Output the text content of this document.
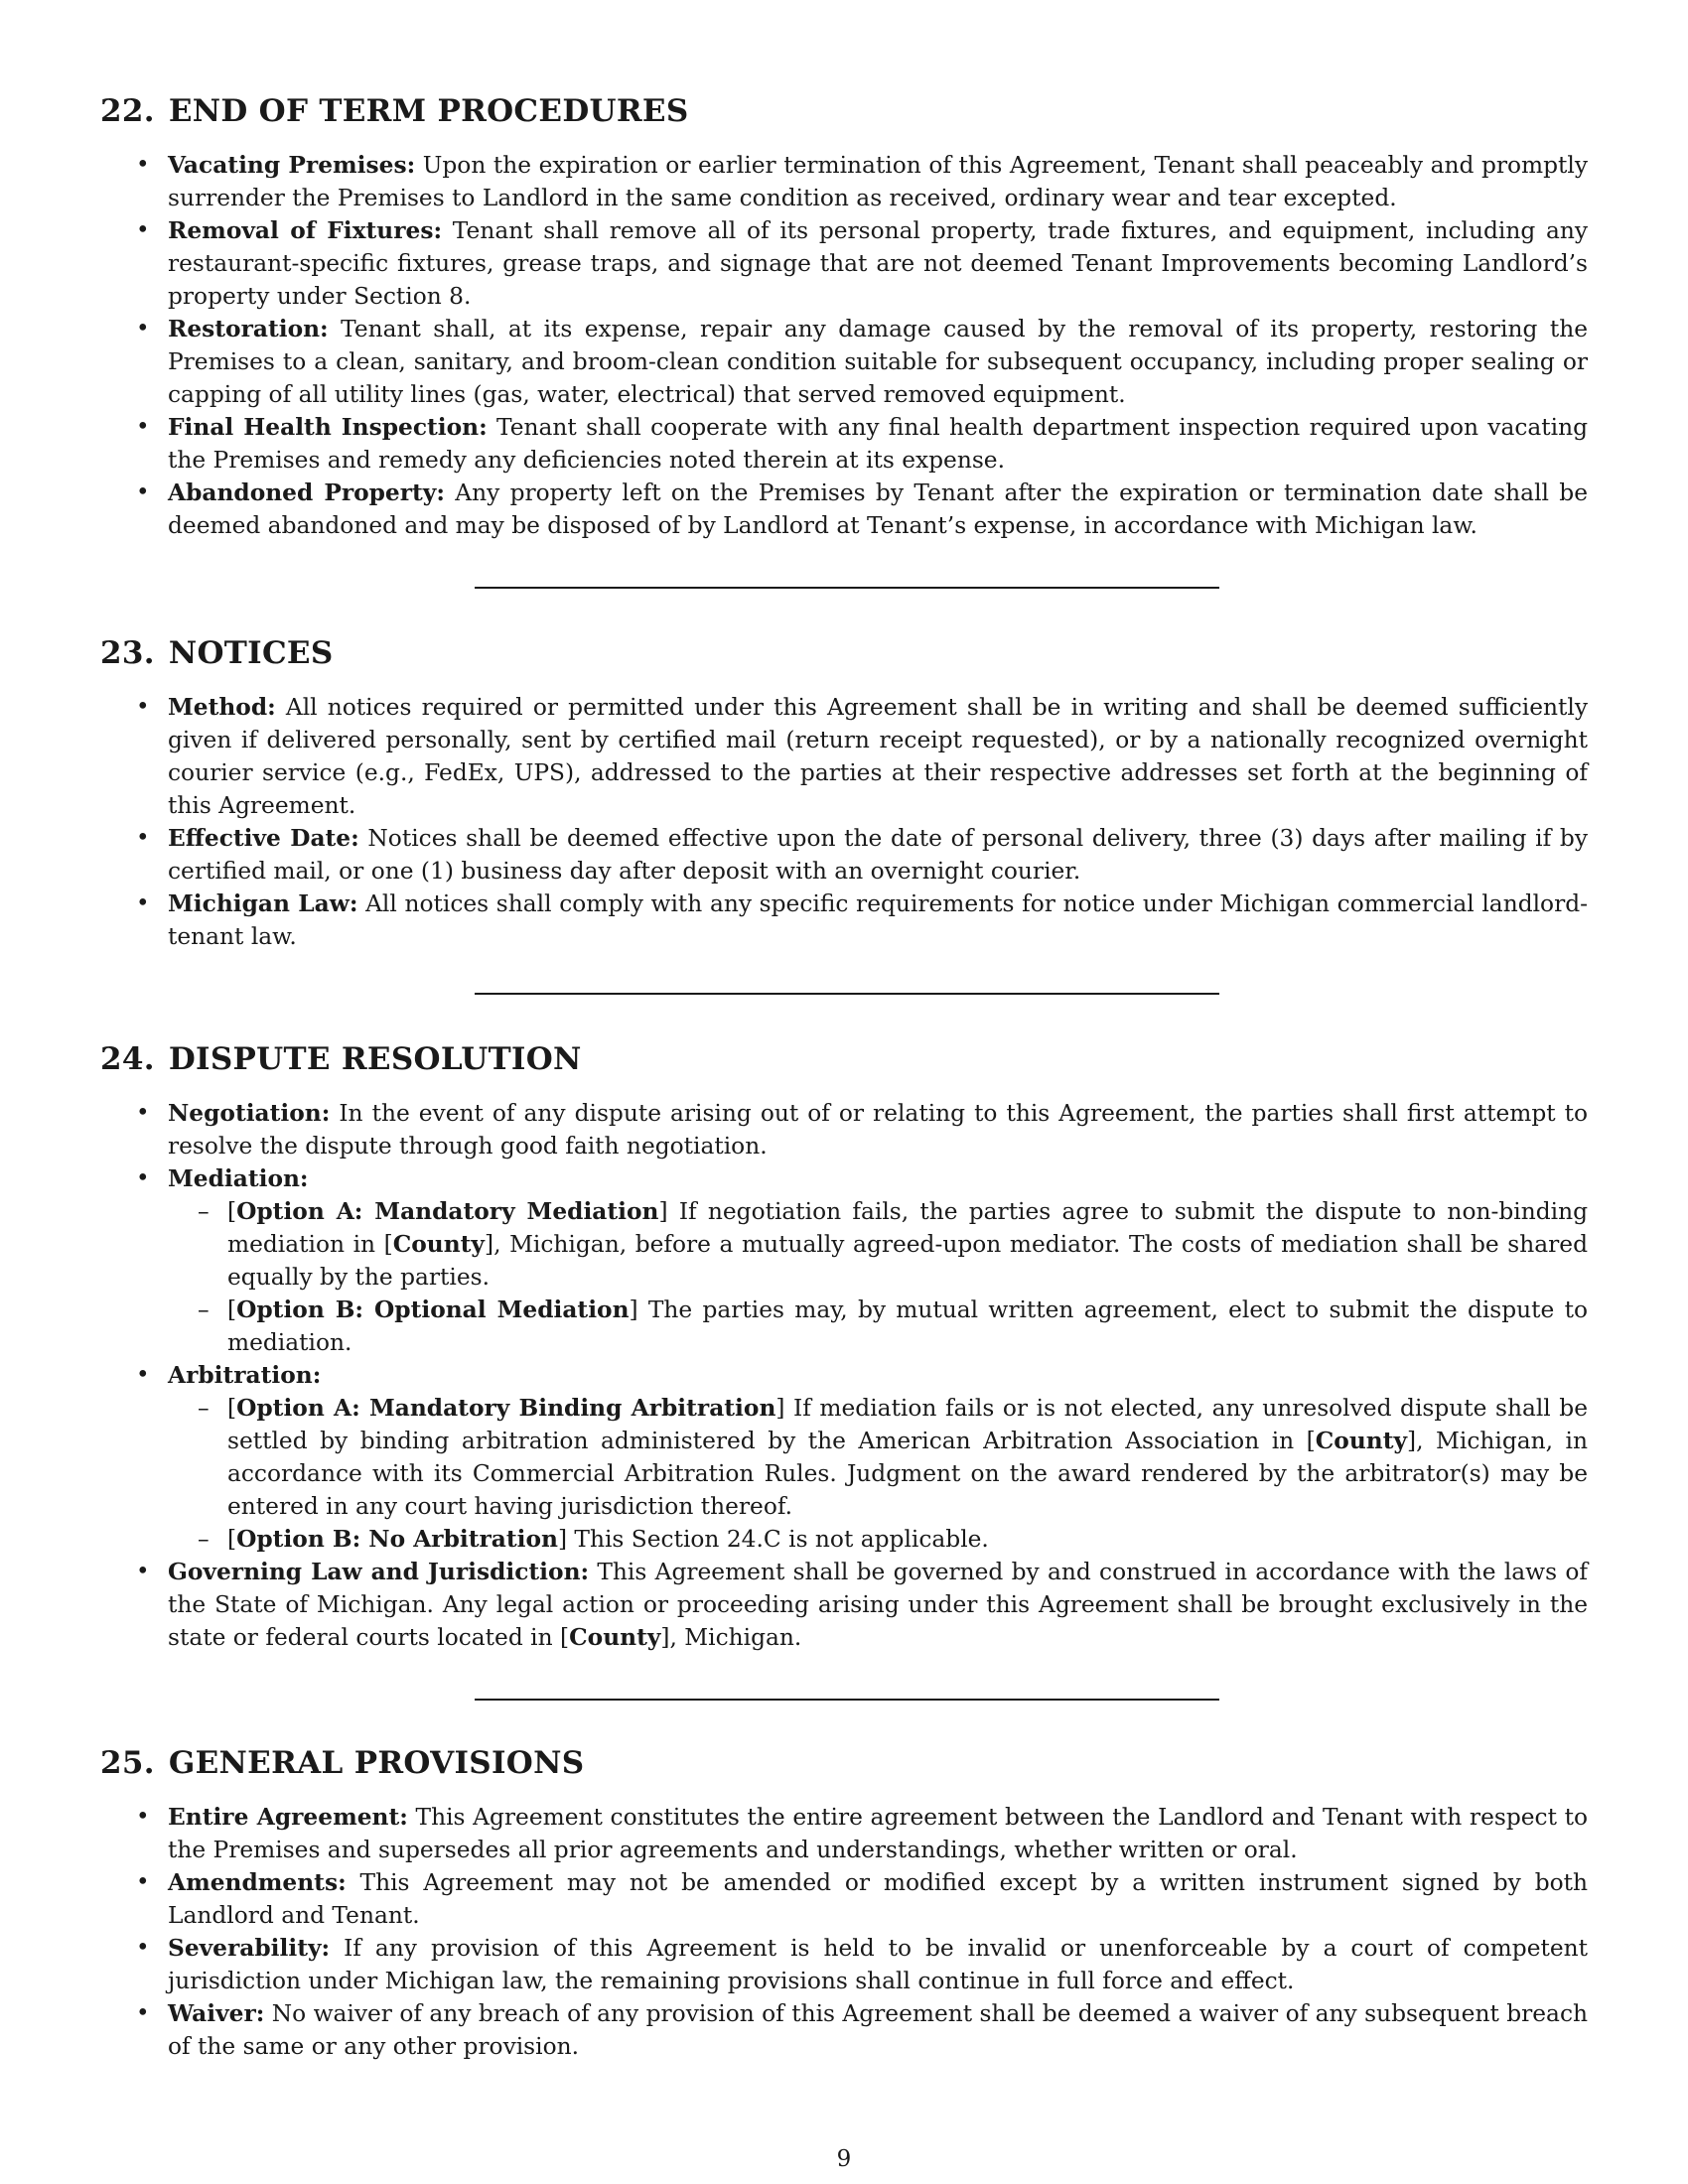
22. END OF TERM PROCEDURES
• Vacating Premises: Upon the expiration or earlier termination of this Agreement, Tenant shall peaceably and promptly surrender the Premises to Landlord in the same condition as received, ordinary wear and tear excepted.
• Removal of Fixtures: Tenant shall remove all of its personal property, trade fixtures, and equipment, including any restaurant-specific fixtures, grease traps, and signage that are not deemed Tenant Improvements becoming Landlord’s property under Section 8.
• Restoration: Tenant shall, at its expense, repair any damage caused by the removal of its property, restoring the Premises to a clean, sanitary, and broom-clean condition suitable for subsequent occupancy, including proper sealing or capping of all utility lines (gas, water, electrical) that served removed equipment.
• Final Health Inspection: Tenant shall cooperate with any final health department inspection required upon vacating the Premises and remedy any deficiencies noted therein at its expense.
• Abandoned Property: Any property left on the Premises by Tenant after the expiration or termination date shall be deemed abandoned and may be disposed of by Landlord at Tenant’s expense, in accordance with Michigan law.
23. NOTICES
• Method: All notices required or permitted under this Agreement shall be in writing and shall be deemed sufficiently given if delivered personally, sent by certified mail (return receipt requested), or by a nationally recognized overnight courier service (e.g., FedEx, UPS), addressed to the parties at their respective addresses set forth at the beginning of this Agreement.
• Effective Date: Notices shall be deemed effective upon the date of personal delivery, three (3) days after mailing if by certified mail, or one (1) business day after deposit with an overnight courier.
• Michigan Law: All notices shall comply with any specific requirements for notice under Michigan commercial landlord-tenant law.
24. DISPUTE RESOLUTION
• Negotiation: In the event of any dispute arising out of or relating to this Agreement, the parties shall first attempt to resolve the dispute through good faith negotiation.
• Mediation:
– [Option A: Mandatory Mediation] If negotiation fails, the parties agree to submit the dispute to non-binding mediation in [County], Michigan, before a mutually agreed-upon mediator. The costs of mediation shall be shared equally by the parties.
– [Option B: Optional Mediation] The parties may, by mutual written agreement, elect to submit the dispute to mediation.
• Arbitration:
– [Option A: Mandatory Binding Arbitration] If mediation fails or is not elected, any unresolved dispute shall be settled by binding arbitration administered by the American Arbitration Association in [County], Michigan, in accordance with its Commercial Arbitration Rules. Judgment on the award rendered by the arbitrator(s) may be entered in any court having jurisdiction thereof.
– [Option B: No Arbitration] This Section 24.C is not applicable.
• Governing Law and Jurisdiction: This Agreement shall be governed by and construed in accordance with the laws of the State of Michigan. Any legal action or proceeding arising under this Agreement shall be brought exclusively in the state or federal courts located in [County], Michigan.
25. GENERAL PROVISIONS
• Entire Agreement: This Agreement constitutes the entire agreement between the Landlord and Tenant with respect to the Premises and supersedes all prior agreements and understandings, whether written or oral.
• Amendments: This Agreement may not be amended or modified except by a written instrument signed by both Landlord and Tenant.
• Severability: If any provision of this Agreement is held to be invalid or unenforceable by a court of competent jurisdiction under Michigan law, the remaining provisions shall continue in full force and effect.
• Waiver: No waiver of any breach of any provision of this Agreement shall be deemed a waiver of any subsequent breach of the same or any other provision.
9
